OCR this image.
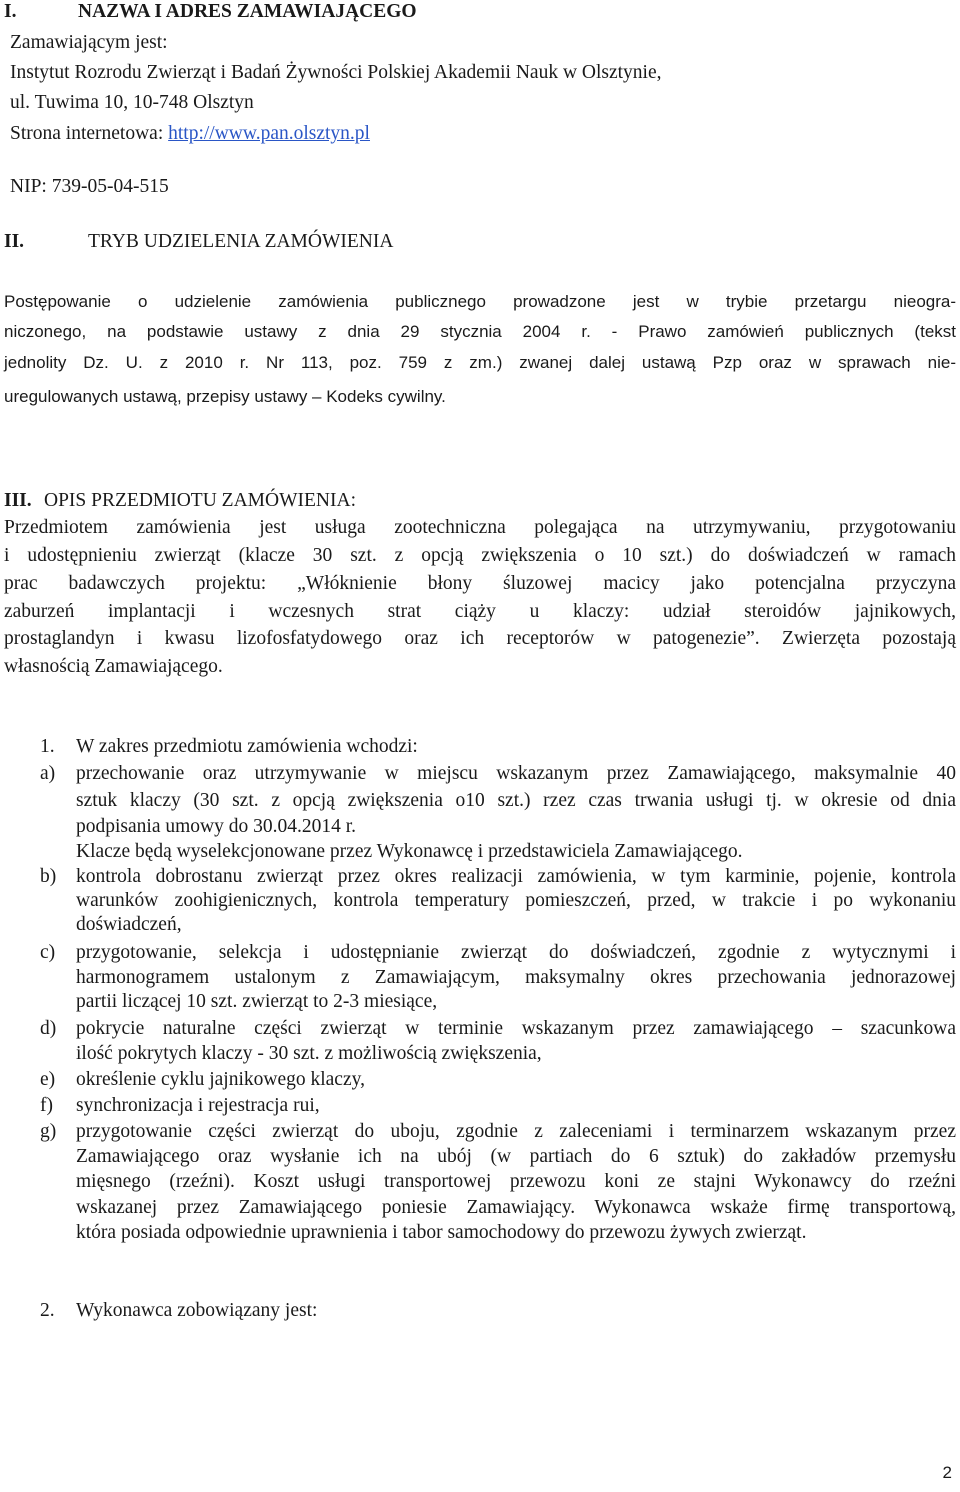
I.	NAZWA I ADRES ZAMAWIAJĄCEGO
Zamawiającym jest:
Instytut Rozrodu Zwierząt i Badań Żywności Polskiej Akademii Nauk w Olsztynie,
ul. Tuwima 10, 10-748 Olsztyn
Strona internetowa: http://www.pan.olsztyn.pl
NIP: 739-05-04-515
II.	TRYB UDZIELENIA ZAMÓWIENIA
Postępowanie o udzielenie zamówienia publicznego prowadzone jest w trybie przetargu nieogra-
niczonego, na podstawie ustawy z dnia 29 stycznia 2004 r. - Prawo zamówień publicznych (tekst
jednolity Dz. U. z 2010 r. Nr 113, poz. 759 z zm.) zwanej dalej ustawą Pzp oraz w sprawach nie-
uregulowanych ustawą, przepisy ustawy – Kodeks cywilny.
III. OPIS PRZEDMIOTU ZAMÓWIENIA:
Przedmiotem zamówienia jest usługa zootechniczna polegająca na utrzymywaniu, przygotowaniu
i udostępnieniu zwierząt (klacze 30 szt. z opcją zwiększenia o 10 szt.) do doświadczeń w ramach
prac badawczych projektu: „Włóknienie błony śluzowej macicy jako potencjalna przyczyna
zaburzeń implantacji i wczesnych strat ciąży u klaczy: udział steroidów jajnikowych,
prostaglandyn i kwasu lizofosfatydowego oraz ich receptorów w patogenezie”. Zwierzęta pozostają
własnością Zamawiającego.
1. W zakres przedmiotu zamówienia wchodzi:
a) przechowanie oraz utrzymywanie w miejscu wskazanym przez Zamawiającego, maksymalnie 40
sztuk klaczy (30 szt. z opcją zwiększenia o10 szt.) rzez czas trwania usługi tj. w okresie od dnia
podpisania umowy do 30.04.2014 r.
Klacze będą wyselekcjonowane przez Wykonawcę i przedstawiciela Zamawiającego.
b) kontrola dobrostanu zwierząt przez okres realizacji zamówienia, w tym karminie, pojenie, kontrola
warunków zoohigienicznych, kontrola temperatury pomieszczeń, przed, w trakcie i po wykonaniu
doświadczeń,
c) przygotowanie, selekcja i udostępnianie zwierząt do doświadczeń, zgodnie z wytycznymi i
harmonogramem ustalonym z Zamawiającym, maksymalny okres przechowania jednorazowej
partii liczącej 10 szt. zwierząt to 2-3 miesiące,
d) pokrycie naturalne części zwierząt w terminie wskazanym przez zamawiającego – szacunkowa
ilość pokrytych klaczy - 30 szt. z możliwością zwiększenia,
e) określenie cyklu jajnikowego klaczy,
f) synchronizacja i rejestracja rui,
g) przygotowanie części zwierząt do uboju, zgodnie z zaleceniami i terminarzem wskazanym przez
Zamawiającego oraz wysłanie ich na ubój (w partiach do 6 sztuk) do zakładów przemysłu
mięsnego (rzeźni). Koszt usługi transportowej przewozu koni ze stajni Wykonawcy do rzeźni
wskazanej przez Zamawiającego poniesie Zamawiający. Wykonawca wskaże firmę transportową,
która posiada odpowiednie uprawnienia i tabor samochodowy do przewozu żywych zwierząt.
2. Wykonawca zobowiązany jest:
2
